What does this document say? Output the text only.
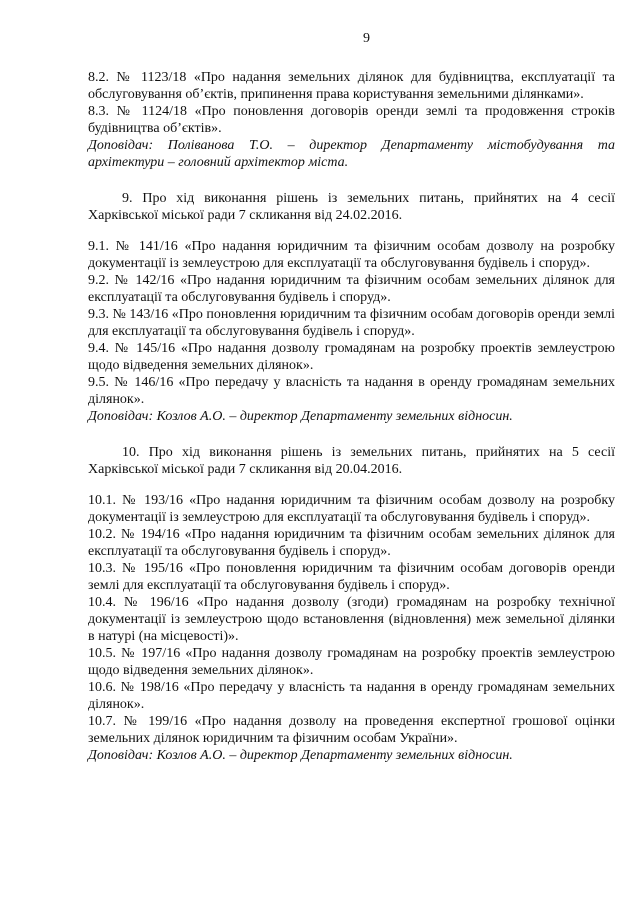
9

8.2. № 1123/18 «Про надання земельних ділянок для будівництва, експлуатації та обслуговування об’єктів, припинення права користування земельними ділянками».

8.3. № 1124/18 «Про поновлення договорів оренди землі та продовження строків будівництва об’єктів».

Доповідач: Поліванова Т.О. – директор Департаменту містобудування та архітектури – головний архітектор міста.

9. Про хід виконання рішень із земельних питань, прийнятих на 4 сесії Харківської міської ради 7 скликання від 24.02.2016.

9.1. № 141/16 «Про надання юридичним та фізичним особам дозволу на розробку документації із землеустрою для експлуатації та обслуговування будівель і споруд».

9.2. № 142/16 «Про надання юридичним та фізичним особам земельних ділянок для експлуатації та обслуговування будівель і споруд».

9.3. № 143/16 «Про поновлення юридичним та фізичним особам договорів оренди землі для експлуатації та обслуговування будівель і споруд».

9.4. № 145/16 «Про надання дозволу громадянам на розробку проектів землеустрою щодо відведення земельних ділянок».

9.5. № 146/16 «Про передачу у власність та надання в оренду громадянам земельних ділянок».

Доповідач: Козлов А.О. – директор Департаменту земельних відносин.

10. Про хід виконання рішень із земельних питань, прийнятих на 5 сесії Харківської міської ради 7 скликання від 20.04.2016.

10.1. № 193/16 «Про надання юридичним та фізичним особам дозволу на розробку документації із землеустрою для експлуатації та обслуговування будівель і споруд».

10.2. № 194/16 «Про надання юридичним та фізичним особам земельних ділянок для експлуатації та обслуговування будівель і споруд».

10.3. № 195/16 «Про поновлення юридичним та фізичним особам договорів оренди землі для експлуатації та обслуговування будівель і споруд».

10.4. № 196/16 «Про надання дозволу (згоди) громадянам на розробку технічної документації із землеустрою щодо встановлення (відновлення) меж земельної ділянки в натурі (на місцевості)».

10.5. № 197/16 «Про надання дозволу громадянам на розробку проектів землеустрою щодо відведення земельних ділянок».

10.6. № 198/16 «Про передачу у власність та надання в оренду громадянам земельних ділянок».

10.7. № 199/16 «Про надання дозволу на проведення експертної грошової оцінки земельних ділянок юридичним та фізичним особам України».

Доповідач: Козлов А.О. – директор Департаменту земельних відносин.
